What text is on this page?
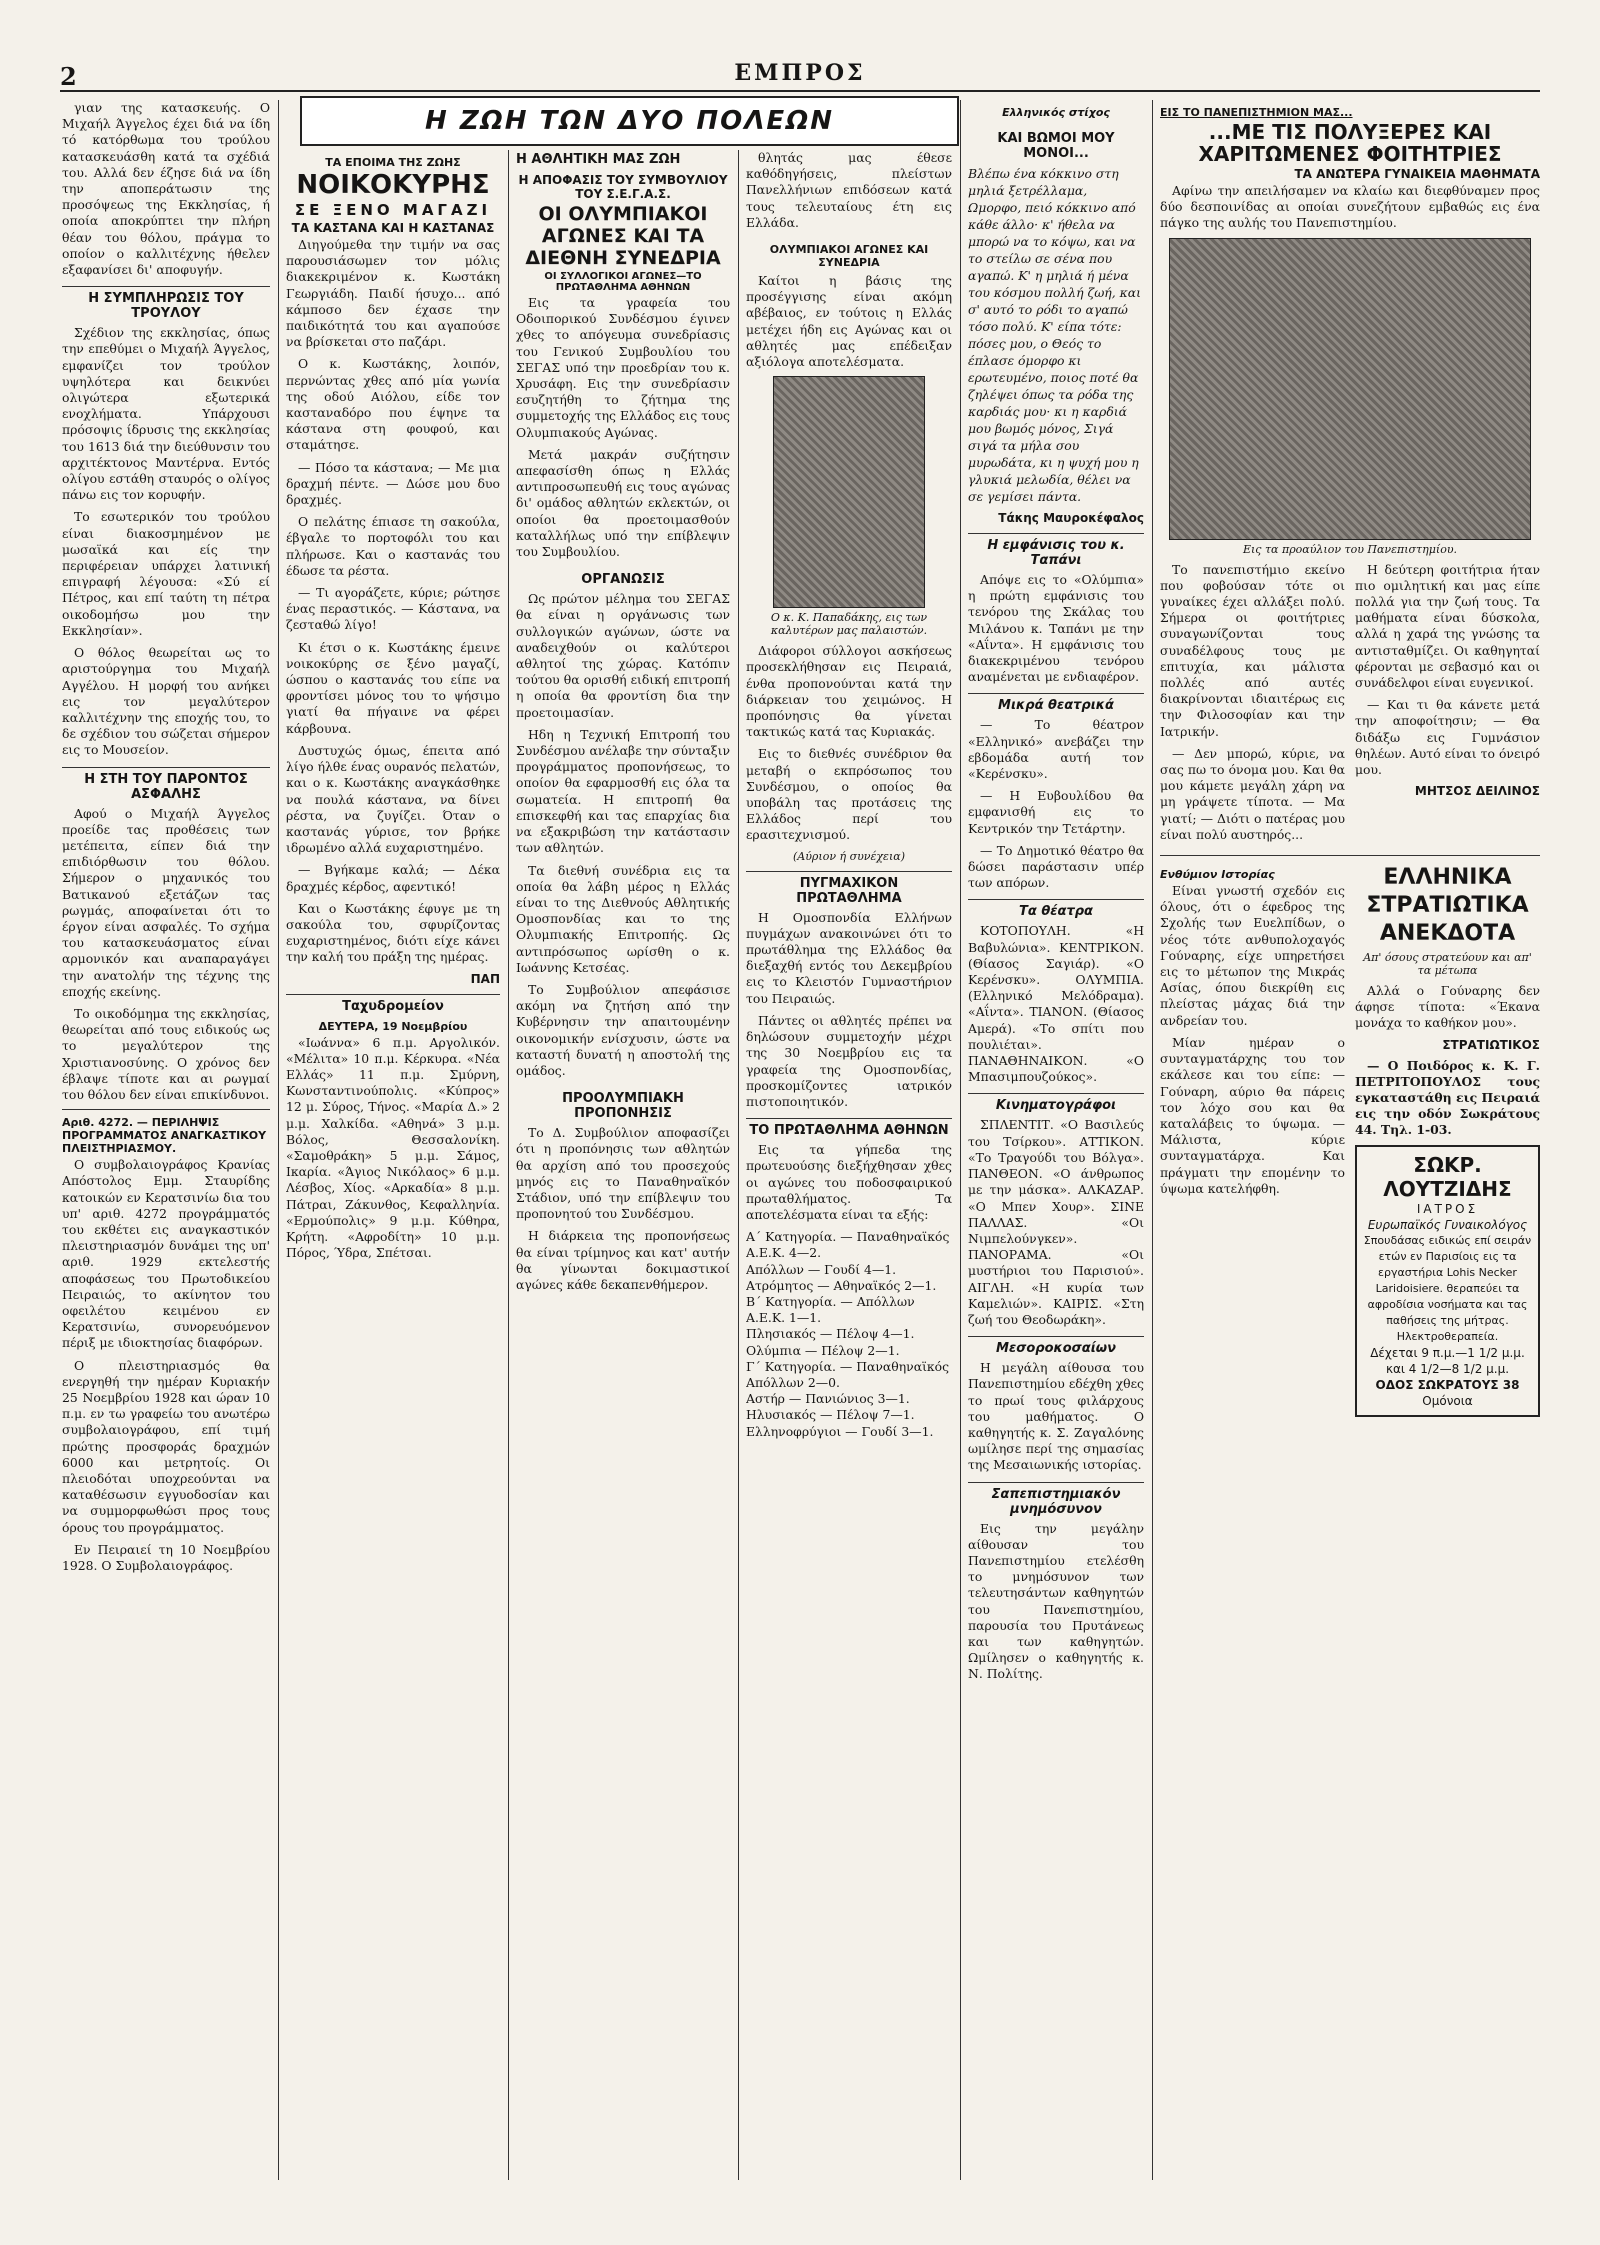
2	ΕΜΠΡΟΣ
Η ΖΩΗ ΤΩΝ ΔΥΟ ΠΟΛΕΩΝ

γιαν της κατασκευής. Ο Μιχαήλ Άγγελος έχει διά να ίδη τό κατόρθωμα του τρούλου κατασκευάσθη κατά τα σχέδιά του. Αλλά δεν έζησε διά να ίδη την αποπεράτωσιν της προσόψεως της Εκκλησίας, ή οποία αποκρύπτει την πλήρη θέαν του θόλου, πράγμα το οποίον ο καλλιτέχνης ήθελεν εξαφανίσει δι' αποφυγήν.

Η ΣΥΜΠΛΗΡΩΣΙΣ ΤΟΥ ΤΡΟΥΛΟΥ

Σχέδιον της εκκλησίας, όπως την επεθύμει ο Μιχαήλ Άγγελος, εμφανίζει τον τρούλον υψηλότερα και δεικνύει ολιγώτερα εξωτερικά ενοχλήματα. Υπάρχουσι πρόσοψις ίδρυσις της εκκλησίας του 1613 διά την διεύθυνσιν του αρχιτέκτονος Μαντέρνα. Εντός ολίγου εστάθη σταυρός ο ολίγος πάνω εις τον κορυφήν.

Το εσωτερικόν του τρούλου είναι διακοσμημένον με μωσαϊκά και είς την περιφέρειαν υπάρχει λατινική επιγραφή λέγουσα: «Σύ εί Πέτρος, και επί ταύτη τη πέτρα οικοδομήσω μου την Εκκλησίαν».

Ο θόλος θεωρείται ως το αριστούργημα του Μιχαήλ Αγγέλου. Η μορφή του ανήκει εις τον μεγαλύτερον καλλιτέχνην της εποχής του, το δε σχέδιον του σώζεται σήμερον εις το Μουσείον.

Η ΣΤΗ ΤΟΥ ΠΑΡΟΝΤΟΣ ΑΣΦΑΛΗΣ

Αφού ο Μιχαήλ Άγγελος προείδε τας προθέσεις των μετέπειτα, είπεν διά την επιδιόρθωσιν του θόλου. Σήμερον ο μηχανικός του Βατικανού εξετάζων τας ρωγμάς, αποφαίνεται ότι το έργον είναι ασφαλές. Το σχήμα του κατασκευάσματος είναι αρμονικόν και αναπαραγάγει την ανατολήν της τέχνης της εποχής εκείνης.

Το οικοδόμημα της εκκλησίας, θεωρείται από τους ειδικούς ως το μεγαλύτερον της Χριστιανοσύνης. Ο χρόνος δεν έβλαψε τίποτε και αι ρωγμαί του θόλου δεν είναι επικίνδυνοι.

Αριθ. 4272. — ΠΕΡΙΛΗΨΙΣ ΠΡΟΓΡΑΜΜΑΤΟΣ ΑΝΑΓΚΑΣΤΙΚΟΥ ΠΛΕΙΣΤΗΡΙΑΣΜΟΥ.

Ο συμβολαιογράφος Κρανίας Απόστολος Εμμ. Σταυρίδης κατοικών εν Κερατσινίω δια του υπ' αριθ. 4272 προγράμματός του εκθέτει εις αναγκαστικόν πλειστηριασμόν δυνάμει της υπ' αριθ. 1929 εκτελεστής αποφάσεως του Πρωτοδικείου Πειραιώς, το ακίνητον του οφειλέτου κειμένου εν Κερατσινίω, συνορευόμενον πέριξ με ιδιοκτησίας διαφόρων.

Ο πλειστηριασμός θα ενεργηθή την ημέραν Κυριακήν 25 Νοεμβρίου 1928 και ώραν 10 π.μ. εν τω γραφείω του ανωτέρω συμβολαιογράφου, επί τιμή πρώτης προσφοράς δραχμών 6000 και μετρητοίς. Οι πλειοδόται υποχρεούνται να καταθέσωσιν εγγυοδοσίαν και να συμμορφωθώσι προς τους όρους του προγράμματος.

Εν Πειραιεί τη 10 Νοεμβρίου 1928. Ο Συμβολαιογράφος.

ΤΑ ΕΠΟΙΜΑ ΤΗΣ ΖΩΗΣ
ΝΟΙΚΟΚΥΡΗΣ
ΣΕ ΞΕΝΟ ΜΑΓΑΖΙ
ΤΑ ΚΑΣΤΑΝΑ ΚΑΙ Η ΚΑΣΤΑΝΑΣ

Διηγούμεθα την τιμήν να σας παρουσιάσωμεν τον μόλις διακεκριμένον κ. Κωστάκη Γεωργιάδη. Παιδί ήσυχο... από κάμποσο δεν έχασε την παιδικότητά του και αγαπούσε να βρίσκεται στο παζάρι.

Ο κ. Κωστάκης, λοιπόν, περνώντας χθες από μία γωνία της οδού Αιόλου, είδε τον κασταναδόρο που έψηνε τα κάστανα στη φουφού, και σταμάτησε.

— Πόσο τα κάστανα; — Με μια δραχμή πέντε. — Δώσε μου δυο δραχμές.

Ο πελάτης έπιασε τη σακούλα, έβγαλε το πορτοφόλι του και πλήρωσε. Και ο καστανάς του έδωσε τα ρέστα.

— Τι αγοράζετε, κύριε; ρώτησε ένας περαστικός. — Κάστανα, να ζεσταθώ λίγο!

Κι έτσι ο κ. Κωστάκης έμεινε νοικοκύρης σε ξένο μαγαζί, ώσπου ο καστανάς του είπε να φροντίσει μόνος του το ψήσιμο γιατί θα πήγαινε να φέρει κάρβουνα.

Δυστυχώς όμως, έπειτα από λίγο ήλθε ένας ουρανός πελατών, και ο κ. Κωστάκης αναγκάσθηκε να πουλά κάστανα, να δίνει ρέστα, να ζυγίζει. Όταν ο καστανάς γύρισε, τον βρήκε ιδρωμένο αλλά ευχαριστημένο.

— Βγήκαμε καλά; — Δέκα δραχμές κέρδος, αφεντικό!

Και ο Κωστάκης έφυγε με τη σακούλα του, σφυρίζοντας ευχαριστημένος, διότι είχε κάνει την καλή του πράξη της ημέρας.

ΠΑΠ
Ταχυδρομείον
ΔΕΥΤΕΡΑ, 19 Νοεμβρίου

«Ιωάννα» 6 π.μ. Αργολικόν. «Μέλιτα» 10 π.μ. Κέρκυρα. «Νέα Ελλάς» 11 π.μ. Σμύρνη, Κωνσταντινούπολις. «Κύπρος» 12 μ. Σύρος, Τήνος. «Μαρία Δ.» 2 μ.μ. Χαλκίδα. «Αθηνά» 3 μ.μ. Βόλος, Θεσσαλονίκη. «Σαμοθράκη» 5 μ.μ. Σάμος, Ικαρία. «Άγιος Νικόλαος» 6 μ.μ. Λέσβος, Χίος. «Αρκαδία» 8 μ.μ. Πάτραι, Ζάκυνθος, Κεφαλληνία. «Ερμούπολις» 9 μ.μ. Κύθηρα, Κρήτη. «Αφροδίτη» 10 μ.μ. Πόρος, Ύδρα, Σπέτσαι.

Η ΑΘΛΗΤΙΚΗ ΜΑΣ ΖΩΗ
Η ΑΠΟΦΑΣΙΣ ΤΟΥ ΣΥΜΒΟΥΛΙΟΥ ΤΟΥ Σ.Ε.Γ.Α.Σ.
ΟΙ ΟΛΥΜΠΙΑΚΟΙ ΑΓΩΝΕΣ ΚΑΙ ΤΑ ΔΙΕΘΝΗ ΣΥΝΕΔΡΙΑ
ΟΙ ΣΥΛΛΟΓΙΚΟΙ ΑΓΩΝΕΣ—ΤΟ ΠΡΩΤΑΘΛΗΜΑ ΑΘΗΝΩΝ

Εις τα γραφεία του Οδοιπορικού Συνδέσμου έγινεν χθες το απόγευμα συνεδρίασις του Γενικού Συμβουλίου του ΣΕΓΑΣ υπό την προεδρίαν του κ. Χρυσάφη. Εις την συνεδρίασιν εσυζητήθη το ζήτημα της συμμετοχής της Ελλάδος εις τους Ολυμπιακούς Αγώνας.

Μετά μακράν συζήτησιν απεφασίσθη όπως η Ελλάς αντιπροσωπευθή εις τους αγώνας δι' ομάδος αθλητών εκλεκτών, οι οποίοι θα προετοιμασθούν καταλλήλως υπό την επίβλεψιν του Συμβουλίου.

ΟΡΓΑΝΩΣΙΣ

Ως πρώτον μέλημα του ΣΕΓΑΣ θα είναι η οργάνωσις των συλλογικών αγώνων, ώστε να αναδειχθούν οι καλύτεροι αθλητοί της χώρας. Κατόπιν τούτου θα ορισθή ειδική επιτροπή η οποία θα φροντίση δια την προετοιμασίαν.

Ηδη η Τεχνική Επιτροπή του Συνδέσμου ανέλαβε την σύνταξιν προγράμματος προπονήσεως, το οποίον θα εφαρμοσθή εις όλα τα σωματεία. Η επιτροπή θα επισκεφθή και τας επαρχίας δια να εξακριβώση την κατάστασιν των αθλητών.

Τα διεθνή συνέδρια εις τα οποία θα λάβη μέρος η Ελλάς είναι το της Διεθνούς Αθλητικής Ομοσπονδίας και το της Ολυμπιακής Επιτροπής. Ως αντιπρόσωπος ωρίσθη ο κ. Ιωάννης Κετσέας.

Το Συμβούλιον απεφάσισε ακόμη να ζητήση από την Κυβέρνησιν την απαιτουμένην οικονομικήν ενίσχυσιν, ώστε να καταστή δυνατή η αποστολή της ομάδος.

ΠΡΟΟΛΥΜΠΙΑΚΗ ΠΡΟΠΟΝΗΣΙΣ

Το Δ. Συμβούλιον αποφασίζει ότι η προπόνησις των αθλητών θα αρχίση από του προσεχούς μηνός εις το Παναθηναϊκόν Στάδιον, υπό την επίβλεψιν του προπονητού του Συνδέσμου.

Η διάρκεια της προπονήσεως θα είναι τρίμηνος και κατ' αυτήν θα γίνωνται δοκιμαστικοί αγώνες κάθε δεκαπενθήμερον.

θλητάς μας έθεσε καθόδηγήσεις, πλείστων Πανελλήνιων επιδόσεων κατά τους τελευταίους έτη εις Ελλάδα.

ΟΛΥΜΠΙΑΚΟΙ ΑΓΩΝΕΣ ΚΑΙ ΣΥΝΕΔΡΙΑ

Καίτοι η βάσις της προσέγγισης είναι ακόμη αβέβαιος, εν τούτοις η Ελλάς μετέχει ήδη εις Αγώνας και οι αθλητές μας επέδειξαν αξιόλογα αποτελέσματα.

Ο κ. Κ. Παπαδάκης, εις των καλυτέρων μας παλαιστών.

Διάφοροι σύλλογοι ασκήσεως προσεκλήθησαν εις Πειραιά, ένθα προπονούνται κατά την διάρκειαν του χειμώνος. Η προπόνησις θα γίνεται τακτικώς κατά τας Κυριακάς.

Εις το διεθνές συνέδριον θα μεταβή ο εκπρόσωπος του Συνδέσμου, ο οποίος θα υποβάλη τας προτάσεις της Ελλάδος περί του ερασιτεχνισμού.

(Αύριον ή συνέχεια)
ΠΥΓΜΑΧΙΚΟΝ ΠΡΩΤΑΘΛΗΜΑ

Η Ομοσπονδία Ελλήνων πυγμάχων ανακοινώνει ότι το πρωτάθλημα της Ελλάδος θα διεξαχθή εντός του Δεκεμβρίου εις το Κλειστόν Γυμναστήριον του Πειραιώς.

Πάντες οι αθλητές πρέπει να δηλώσουν συμμετοχήν μέχρι της 30 Νοεμβρίου εις τα γραφεία της Ομοσπονδίας, προσκομίζοντες ιατρικόν πιστοποιητικόν.

ΤΟ ΠΡΩΤΑΘΛΗΜΑ ΑΘΗΝΩΝ

Εις τα γήπεδα της πρωτευούσης διεξήχθησαν χθες οι αγώνες του ποδοσφαιρικού πρωταθλήματος. Τα αποτελέσματα είναι τα εξής:

Α΄ Κατηγορία. — Παναθηναϊκός
Α.Ε.Κ. 4—2.
Απόλλων — Γουδί 4—1.
Ατρόμητος — Αθηναϊκός 2—1.
Β΄ Κατηγορία. — Απόλλων
Α.Ε.Κ. 1—1.
Πλησιακός — Πέλοψ 4—1.
Ολύμπια — Πέλοψ 2—1.
Γ΄ Κατηγορία. — Παναθηναϊκός
Απόλλων 2—0.
Αστήρ — Πανιώνιος 3—1.
Ηλυσιακός — Πέλοψ 7—1.
Ελληνοφρύγιοι — Γουδί 3—1.
Ελληνικός στίχος
ΚΑΙ ΒΩΜΟΙ ΜΟΥ ΜΟΝΟΙ...

Βλέπω ένα κόκκινο στη μηλιά ξετρέλλαμα, Ωμορφο, πειό κόκκινο από κάθε άλλο· κ' ήθελα να μπορώ να το κόψω, και να το στείλω σε σένα που αγαπώ. Κ' η μηλιά ή μένα του κόσμου πολλή ζωή, και σ' αυτό το ρόδι το αγαπώ τόσο πολύ. Κ' είπα τότε: πόσες μου, ο Θεός το έπλασε όμορφο κι ερωτευμένο, ποιος ποτέ θα ζηλέψει όπως τα ρόδα της καρδιάς μου· κι η καρδιά μου βωμός μόνος, Σιγά σιγά τα μήλα σου μυρωδάτα, κι η ψυχή μου η γλυκιά μελωδία, θέλει να σε γεμίσει πάντα.

Τάκης Μαυροκέφαλος
Η εμφάνισις του κ. Ταπάνι

Απόψε εις το «Ολύμπια» η πρώτη εμφάνισις του τενόρου της Σκάλας του Μιλάνου κ. Ταπάνι με την «Αΐντα». Η εμφάνισις του διακεκριμένου τενόρου αναμένεται με ενδιαφέρον.

Μικρά θεατρικά

— Το θέατρον «Ελληνικό» ανεβάζει την εβδομάδα αυτή τον «Κερένσκυ».

— Η Ευβουλίδου θα εμφανισθή εις το Κεντρικόν την Τετάρτην.

— Το Δημοτικό θέατρο θα δώσει παράστασιν υπέρ των απόρων.

Τα θέατρα

ΚΟΤΟΠΟΥΛΗ. «Η Βαβυλώνια». ΚΕΝΤΡΙΚΟΝ. (Θίασος Σαγιάρ). «Ο Κερένσκυ». ΟΛΥΜΠΙΑ. (Ελληνικό Μελόδραμα). «Αΐντα». ΤΙΑΝΟΝ. (Θίασος Αμερά). «Το σπίτι που πουλιέται». ΠΑΝΑΘΗΝΑΙΚΟΝ. «Ο Μπασιμπουζούκος».

Κινηματογράφοι

ΣΠΛΕΝΤΙΤ. «Ο Βασιλεύς του Τσίρκου». ΑΤΤΙΚΟΝ. «Το Τραγούδι του Βόλγα». ΠΑΝΘΕΟΝ. «Ο άνθρωπος με την μάσκα». ΑΛΚΑΖΑΡ. «Ο Μπεν Χουρ». ΣΙΝΕ ΠΑΛΛΑΣ. «Οι Νιμπελούνγκεν». ΠΑΝΟΡΑΜΑ. «Οι μυστήριοι του Παρισιού». ΑΙΓΛΗ. «Η κυρία των Καμελιών». ΚΑΙΡΙΣ. «Στη ζωή του Θεοδωράκη».

Μεσοροκοσαίων

Η μεγάλη αίθουσα του Πανεπιστημίου εδέχθη χθες το πρωί τους φιλάρχους του μαθήματος. Ο καθηγητής κ. Σ. Ζαγαλόνης ωμίλησε περί της σημασίας της Μεσαιωνικής ιστορίας.

Σαπεπιστημιακόν μνημόσυνον

Εις την μεγάλην αίθουσαν του Πανεπιστημίου ετελέσθη το μνημόσυνον των τελευτησάντων καθηγητών του Πανεπιστημίου, παρουσία του Πρυτάνεως και των καθηγητών. Ωμίλησεν ο καθηγητής κ. Ν. Πολίτης.

ΕΙΣ ΤΟ ΠΑΝΕΠΙΣΤΗΜΙΟΝ ΜΑΣ...
...ΜΕ ΤΙΣ ΠΟΛΥΞΕΡΕΣ ΚΑΙ ΧΑΡΙΤΩΜΕΝΕΣ ΦΟΙΤΗΤΡΙΕΣ
ΤΑ ΑΝΩΤΕΡΑ ΓΥΝΑΙΚΕΙΑ ΜΑΘΗΜΑΤΑ

Αφίνω την απειλήσαμεν να κλαίω και διεφθύναμεν προς δύο δεσποινίδας αι οποίαι συνεζήτουν εμβαθώς εις ένα πάγκο της αυλής του Πανεπιστημίου.

Εις τα προαύλιον του Πανεπιστημίου.

Το πανεπιστήμιο εκείνο που φοβούσαν τότε οι γυναίκες έχει αλλάξει πολύ. Σήμερα οι φοιτήτριες συναγωνίζονται τους συναδέλφους τους με επιτυχία, και μάλιστα πολλές από αυτές διακρίνονται ιδιαιτέρως εις την Φιλοσοφίαν και την Ιατρικήν.

— Δεν μπορώ, κύριε, να σας πω το όνομα μου. Και θα μου κάμετε μεγάλη χάρη να μη γράψετε τίποτα. — Μα γιατί; — Διότι ο πατέρας μου είναι πολύ αυστηρός...

Η δεύτερη φοιτήτρια ήταν πιο ομιλητική και μας είπε πολλά για την ζωή τους. Τα μαθήματα είναι δύσκολα, αλλά η χαρά της γνώσης τα αντισταθμίζει. Οι καθηγηταί φέρονται με σεβασμό και οι συνάδελφοι είναι ευγενικοί.

— Και τι θα κάνετε μετά την αποφοίτησιν; — Θα διδάξω εις Γυμνάσιον θηλέων. Αυτό είναι το όνειρό μου.

ΜΗΤΣΟΣ ΔΕΙΛΙΝΟΣ
Ενθύμιον Ιστορίας

Είναι γνωστή σχεδόν εις όλους, ότι ο έφεδρος της Σχολής των Ευελπίδων, ο νέος τότε ανθυπολοχαγός Γούναρης, είχε υπηρετήσει εις το μέτωπον της Μικράς Ασίας, όπου διεκρίθη εις πλείστας μάχας διά την ανδρείαν του.

Μίαν ημέραν ο συνταγματάρχης του τον εκάλεσε και του είπε: — Γούναρη, αύριο θα πάρεις τον λόχο σου και θα καταλάβεις το ύψωμα. — Μάλιστα, κύριε συνταγματάρχα. Και πράγματι την επομένην το ύψωμα κατελήφθη.

ΕΛΛΗΝΙΚΑ ΣΤΡΑΤΙΩΤΙΚΑ ΑΝΕΚΔΟΤΑ
Απ' όσους στρατεύουν και απ' τα μέτωπα

Αλλά ο Γούναρης δεν άφησε τίποτα: «Έκανα μονάχα το καθήκον μου».

ΣΤΡΑΤΙΩΤΙΚΟΣ

— Ο Ποιδόρος κ. Κ. Γ. ΠΕΤΡΙΤΟΠΟΥΛΟΣ τους εγκαταστάθη εις Πειραιά εις την οδόν Σωκράτους 44. Τηλ. 1-03.

ΣΩΚΡ. ΛΟΥΤΖΙΔΗΣ
ΙΑΤΡΟΣ
Ευρωπαϊκός Γυναικολόγος
Σπουδάσας ειδικώς επί σειράν ετών εν Παρισίοις εις τα εργαστήρια Lohis Necker Laridoisiere. θεραπεύει τα αφροδίσια νοσήματα και τας παθήσεις της μήτρας. Ηλεκτροθεραπεία.
Δέχεται 9 π.μ.—1 1/2 μ.μ. και 4 1/2—8 1/2 μ.μ.
ΟΔΟΣ ΣΩΚΡΑΤΟΥΣ 38
Ομόνοια
